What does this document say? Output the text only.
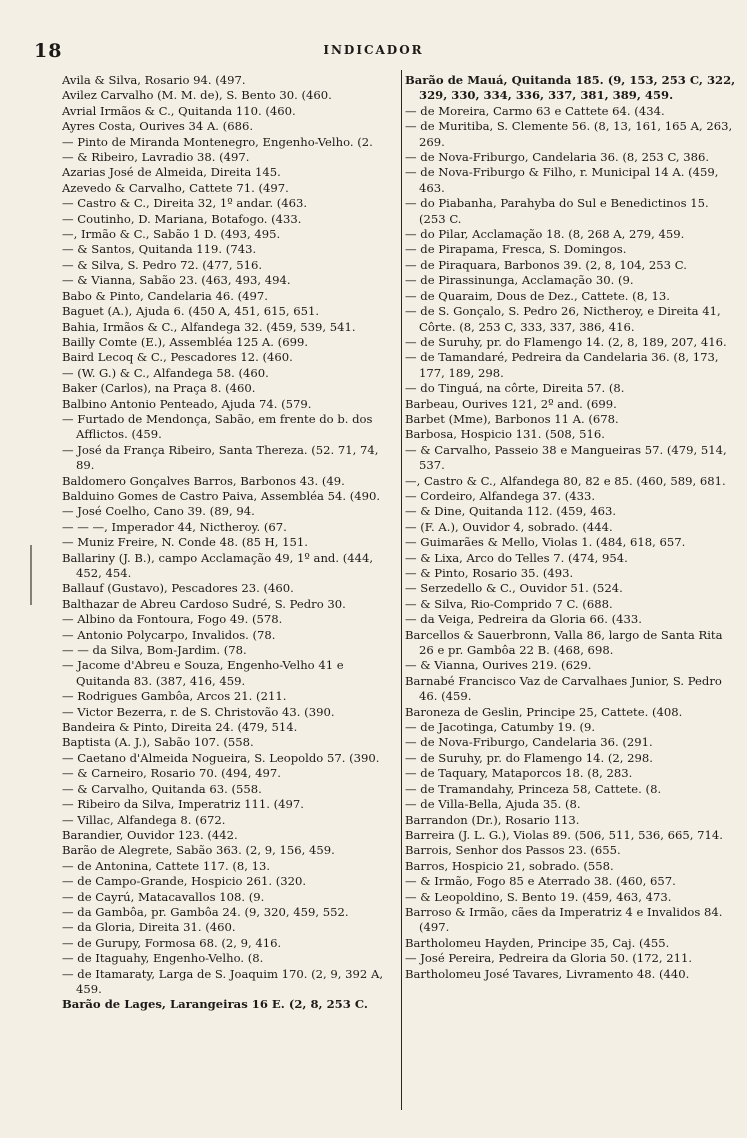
18	INDICADOR
Avila & Silva, Rosario 94. (497.
Avilez Carvalho (M. M. de), S. Bento 30. (460.
Avrial Irmãos & C., Quitanda 110. (460.
Ayres Costa, Ourives 34 A. (686.
— Pinto de Miranda Montenegro, Engenho-Velho. (2.
— & Ribeiro, Lavradio 38. (497.
Azarias José de Almeida, Direita 145.
Azevedo & Carvalho, Cattete 71. (497.
— Castro & C., Direita 32, 1º andar. (463.
— Coutinho, D. Mariana, Botafogo. (433.
—, Irmão & C., Sabão 1 D. (493, 495.
— & Santos, Quitanda 119. (743.
— & Silva, S. Pedro 72. (477, 516.
— & Vianna, Sabão 23. (463, 493, 494.
Babo & Pinto, Candelaria 46. (497.
Baguet (A.), Ajuda 6. (450 A, 451, 615, 651.
Bahia, Irmãos & C., Alfandega 32. (459, 539, 541.
Bailly Comte (E.), Assembléa 125 A. (699.
Baird Lecoq & C., Pescadores 12. (460.
— (W. G.) & C., Alfandega 58. (460.
Baker (Carlos), na Praça 8. (460.
Balbino Antonio Penteado, Ajuda 74. (579.
— Furtado de Mendonça, Sabão, em frente do b. dos Afflictos. (459.
— José da França Ribeiro, Santa Thereza. (52. 71, 74, 89.
Baldomero Gonçalves Barros, Barbonos 43. (49.
Balduino Gomes de Castro Paiva, Assembléa 54. (490.
— José Coelho, Cano 39. (89, 94.
— — —, Imperador 44, Nictheroy. (67.
— Muniz Freire, N. Conde 48. (85 H, 151.
Ballariny (J. B.), campo Acclamação 49, 1º and. (444, 452, 454.
Ballauf (Gustavo), Pescadores 23. (460.
Balthazar de Abreu Cardoso Sudré, S. Pedro 30.
— Albino da Fontoura, Fogo 49. (578.
— Antonio Polycarpo, Invalidos. (78.
— — da Silva, Bom-Jardim. (78.
— Jacome d'Abreu e Souza, Engenho-Velho 41 e Quitanda 83. (387, 416, 459.
— Rodrigues Gambôa, Arcos 21. (211.
— Victor Bezerra, r. de S. Christovão 43. (390.
Bandeira & Pinto, Direita 24. (479, 514.
Baptista (A. J.), Sabão 107. (558.
— Caetano d'Almeida Nogueira, S. Leopoldo 57. (390.
— & Carneiro, Rosario 70. (494, 497.
— & Carvalho, Quitanda 63. (558.
— Ribeiro da Silva, Imperatriz 111. (497.
— Villac, Alfandega 8. (672.
Barandier, Ouvidor 123. (442.
Barão de Alegrete, Sabão 363. (2, 9, 156, 459.
— de Antonina, Cattete 117. (8, 13.
— de Campo-Grande, Hospicio 261. (320.
— de Cayrú, Matacavallos 108. (9.
— da Gambôa, pr. Gambôa 24. (9, 320, 459, 552.
— da Gloria, Direita 31. (460.
— de Gurupy, Formosa 68. (2, 9, 416.
— de Itaguahy, Engenho-Velho. (8.
— de Itamaraty, Larga de S. Joaquim 170. (2, 9, 392 A, 459.
Barão de Lages, Larangeiras 16 E. (2, 8, 253 C.
Barão de Mauá, Quitanda 185. (9, 153, 253 C, 322, 329, 330, 334, 336, 337, 381, 389, 459.
— de Moreira, Carmo 63 e Cattete 64. (434.
— de Muritiba, S. Clemente 56. (8, 13, 161, 165 A, 263, 269.
— de Nova-Friburgo, Candelaria 36. (8, 253 C, 386.
— de Nova-Friburgo & Filho, r. Municipal 14 A. (459, 463.
— do Piabanha, Parahyba do Sul e Benedictinos 15. (253 C.
— do Pilar, Acclamação 18. (8, 268 A, 279, 459.
— de Pirapama, Fresca, S. Domingos.
— de Piraquara, Barbonos 39. (2, 8, 104, 253 C.
— de Pirassinunga, Acclamação 30. (9.
— de Quaraim, Dous de Dez., Cattete. (8, 13.
— de S. Gonçalo, S. Pedro 26, Nictheroy, e Direita 41, Côrte. (8, 253 C, 333, 337, 386, 416.
— de Suruhy, pr. do Flamengo 14. (2, 8, 189, 207, 416.
— de Tamandaré, Pedreira da Candelaria 36. (8, 173, 177, 189, 298.
— do Tinguá, na côrte, Direita 57. (8.
Barbeau, Ourives 121, 2º and. (699.
Barbet (Mme), Barbonos 11 A. (678.
Barbosa, Hospicio 131. (508, 516.
— & Carvalho, Passeio 38 e Mangueiras 57. (479, 514, 537.
—, Castro & C., Alfandega 80, 82 e 85. (460, 589, 681.
— Cordeiro, Alfandega 37. (433.
— & Dine, Quitanda 112. (459, 463.
— (F. A.), Ouvidor 4, sobrado. (444.
— Guimarães & Mello, Violas 1. (484, 618, 657.
— & Lixa, Arco do Telles 7. (474, 954.
— & Pinto, Rosario 35. (493.
— Serzedello & C., Ouvidor 51. (524.
— & Silva, Rio-Comprido 7 C. (688.
— da Veiga, Pedreira da Gloria 66. (433.
Barcellos & Sauerbronn, Valla 86, largo de Santa Rita 26 e pr. Gambôa 22 B. (468, 698.
— & Vianna, Ourives 219. (629.
Barnabé Francisco Vaz de Carvalhaes Junior, S. Pedro 46. (459.
Baroneza de Geslin, Principe 25, Cattete. (408.
— de Jacotinga, Catumby 19. (9.
— de Nova-Friburgo, Candelaria 36. (291.
— de Suruhy, pr. do Flamengo 14. (2, 298.
— de Taquary, Mataporcos 18. (8, 283.
— de Tramandahy, Princeza 58, Cattete. (8.
— de Villa-Bella, Ajuda 35. (8.
Barrandon (Dr.), Rosario 113.
Barreira (J. L. G.), Violas 89. (506, 511, 536, 665, 714.
Barrois, Senhor dos Passos 23. (655.
Barros, Hospicio 21, sobrado. (558.
— & Irmão, Fogo 85 e Aterrado 38. (460, 657.
— & Leopoldino, S. Bento 19. (459, 463, 473.
Barroso & Irmão, cães da Imperatriz 4 e Invalidos 84. (497.
Bartholomeu Hayden, Principe 35, Caj. (455.
— José Pereira, Pedreira da Gloria 50. (172, 211.
Bartholomeu José Tavares, Livramento 48. (440.
